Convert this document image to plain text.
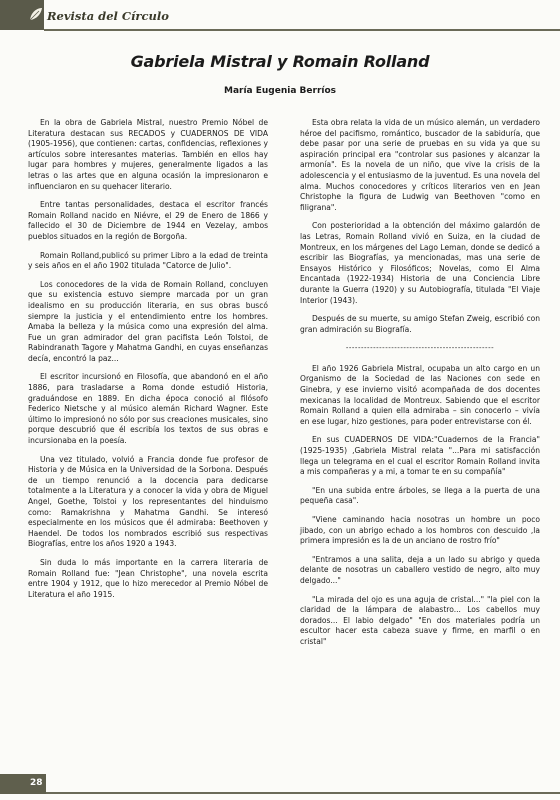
Revista del Círculo
Gabriela Mistral y Romain Rolland
María Eugenia Berríos

En la obra de Gabriela Mistral, nuestro Premio Nóbel de Literatura destacan sus RECADOS y CUADERNOS DE VIDA (1905-1956), que contienen: cartas, confidencias, reflexiones y artículos sobre interesantes materias. También en ellos hay lugar para hombres y mujeres, generalmente ligados a las letras o las artes que en alguna ocasión la impresionaron e influenciaron en su quehacer literario.

Entre tantas personalidades, destaca el escritor francés Romain Rolland nacido en Niévre, el 29 de Enero de 1866 y fallecido el 30 de Diciembre de 1944 en Vezelay, ambos pueblos situados en la región de Borgoña.

Romain Rolland,publicó su primer Libro a la edad de treinta y seis años en el año 1902 titulada "Catorce de Julio".

Los conocedores de la vida de Romain Rolland, concluyen que su existencia estuvo siempre marcada por un gran idealismo en su producción literaria, en sus obras buscó siempre la justicia y el entendimiento entre los hombres. Amaba la belleza y la música como una expresión del alma. Fue un gran admirador del gran pacifista León Tolstoi, de Rabindranath Tagore y Mahatma Gandhi, en cuyas enseñanzas decía, encontró la paz...

El escritor incursionó en Filosofía, que abandonó en el año 1886, para trasladarse a Roma donde estudió Historia, graduándose en 1889. En dicha época conoció al filósofo Federico Nietsche y al músico alemán Richard Wagner. Este último lo impresionó no sólo por sus creaciones musicales, sino porque descubrió que él escribía los textos de sus obras e incursionaba en la poesía.

Una vez titulado, volvió a Francia donde fue profesor de Historia y de Música en la Universidad de la Sorbona. Después de un tiempo renunció a la docencia para dedicarse totalmente a la Literatura y a conocer la vida y obra de Miguel Angel, Goethe, Tolstoi y los representantes del hinduismo como: Ramakrishna y Mahatma Gandhi. Se interesó especialmente en los músicos que él admiraba: Beethoven y Haendel. De todos los nombrados escribió sus respectivas Biografías, entre los años 1920 a 1943.

Sin duda lo más importante en la carrera literaria de Romain Rolland fue: "Jean Christophe", una novela escrita entre 1904 y 1912, que lo hizo merecedor al Premio Nóbel de Literatura el año 1915.

Esta obra relata la vida de un músico alemán, un verdadero héroe del pacifismo, romántico, buscador de la sabiduría, que debe pasar por una serie de pruebas en su vida ya que su aspiración principal era "controlar sus pasiones y alcanzar la armonía". Es la novela de un niño, que vive la crisis de la adolescencia y el entusiasmo de la juventud. Es una novela del alma. Muchos conocedores y críticos literarios ven en Jean Christophe la figura de Ludwig van Beethoven "como en filigrana".

Con posterioridad a la obtención del máximo galardón de las Letras, Romain Rolland vivió en Suiza, en la ciudad de Montreux, en los márgenes del Lago Leman, donde se dedicó a escribir las Biografías, ya mencionadas, mas una serie de Ensayos Histórico y Filosóficos; Novelas, como El Alma Encantada (1922-1934) Historia de una Conciencia Libre durante la Guerra (1920) y su Autobiografía, titulada "El Viaje Interior (1943).

Después de su muerte, su amigo Stefan Zweig, escribió con gran admiración su Biografía.

-------------------------------------------------

El año 1926 Gabriela Mistral, ocupaba un alto cargo en un Organismo de la Sociedad de las Naciones con sede en Ginebra, y ese invierno visitó acompañada de dos docentes mexicanas la localidad de Montreux. Sabiendo que el escritor Romain Rolland a quien ella admiraba – sin conocerlo – vivía en ese lugar, hizo gestiones, para poder entrevistarse con él.

En sus CUADERNOS DE VIDA:"Cuadernos de la Francia"(1925-1935) ,Gabriela Mistral relata "...Para mi satisfacción llega un telegrama en el cual el escritor Romain Rolland invita a mis compañeras y a mi, a tomar te en su compañía"

"En una subida entre árboles, se llega a la puerta de una pequeña casa".

"Viene caminando hacia nosotras un hombre un poco jibado, con un abrigo echado a los hombros con descuido ,la primera impresión es la de un anciano de rostro frío"

"Entramos a una salita, deja a un lado su abrigo y queda delante de nosotras un caballero vestido de negro, alto muy delgado..."

"La mirada del ojo es una aguja de cristal..." "la piel con la claridad de la lámpara de alabastro... Los cabellos muy dorados... El labio delgado" "En dos materiales podría un escultor hacer esta cabeza suave y firme, en marfil o en cristal"

28
